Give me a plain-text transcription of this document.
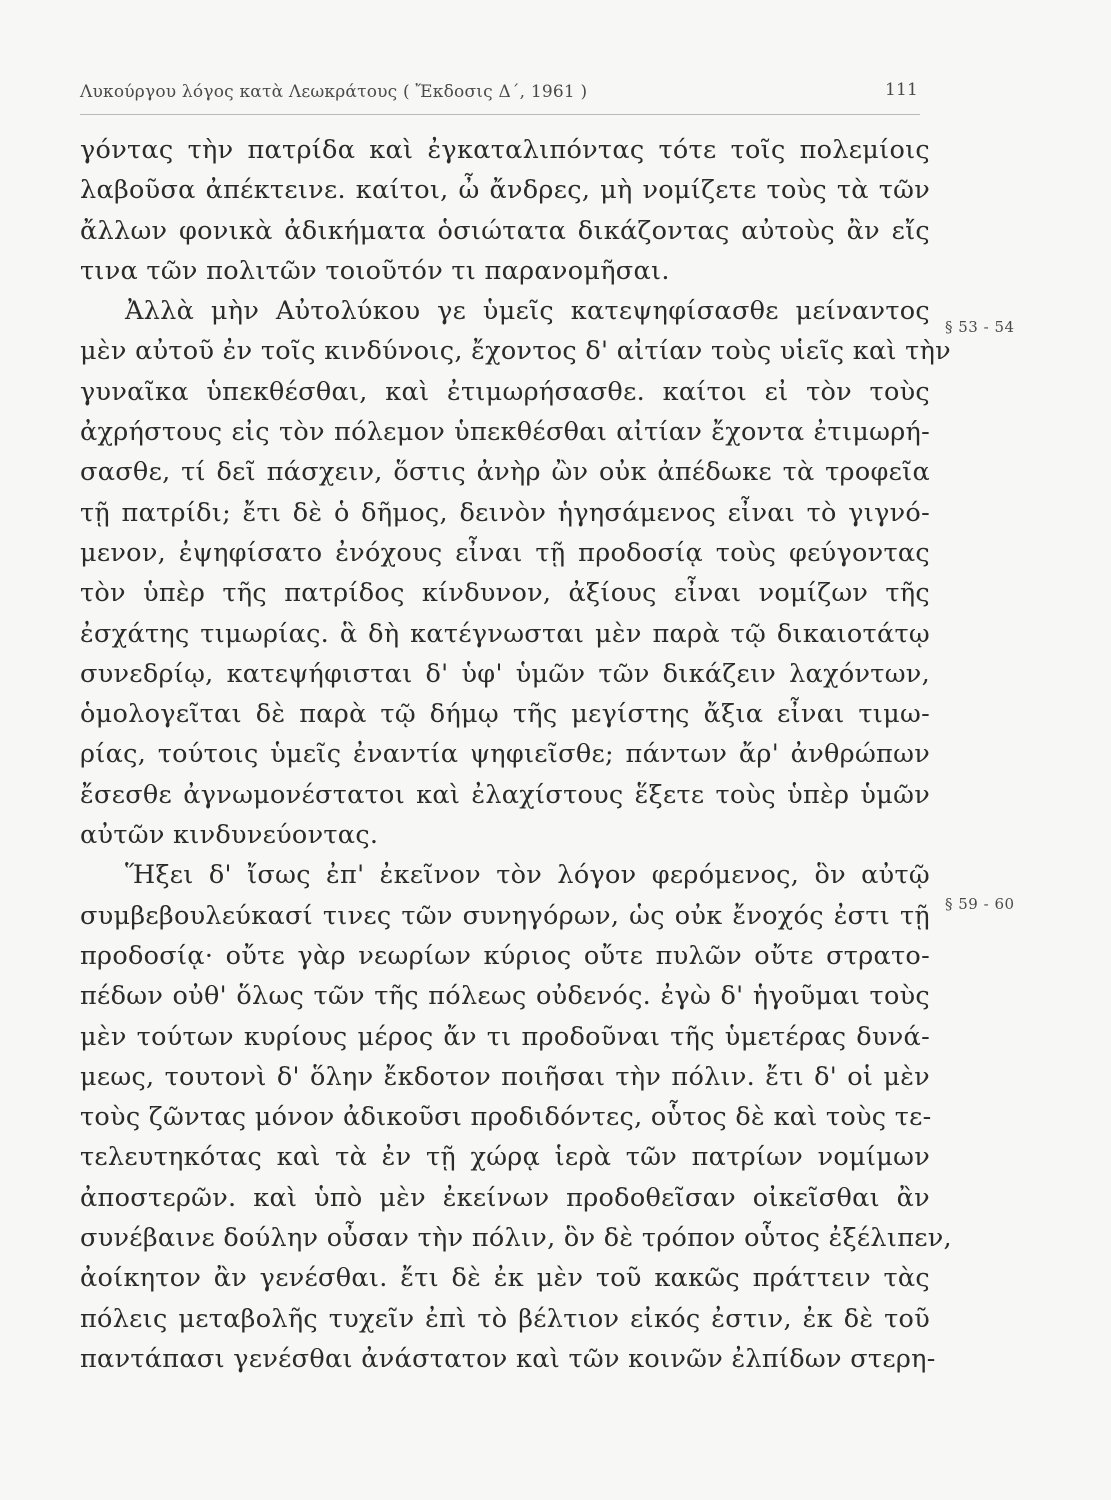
Λυκούργου λόγος κατὰ Λεωκράτους ( Ἔκδοσις Δ΄, 1961 )	111
γόντας τὴν πατρίδα καὶ ἐγκαταλιπόντας τότε τοῖς πολεμίοις
λαβοῦσα ἀπέκτεινε. καίτοι, ὦ ἄνδρες, μὴ νομίζετε τοὺς τὰ τῶν
ἄλλων φονικὰ ἀδικήματα ὁσιώτατα δικάζοντας αὐτοὺς ἂν εἴς
τινα τῶν πολιτῶν τοιοῦτόν τι παρανομῆσαι.
Ἀλλὰ μὴν Αὐτολύκου γε ὑμεῖς κατεψηφίσασθε μείναντος
μὲν αὐτοῦ ἐν τοῖς κινδύνοις, ἔχοντος δ' αἰτίαν τοὺς υἱεῖς καὶ τὴν
γυναῖκα ὑπεκθέσθαι, καὶ ἐτιμωρήσασθε. καίτοι εἰ τὸν τοὺς
ἀχρήστους εἰς τὸν πόλεμον ὑπεκθέσθαι αἰτίαν ἔχοντα ἐτιμωρή-
σασθε, τί δεῖ πάσχειν, ὅστις ἀνὴρ ὢν οὐκ ἀπέδωκε τὰ τροφεῖα
τῇ πατρίδι; ἔτι δὲ ὁ δῆμος, δεινὸν ἡγησάμενος εἶναι τὸ γιγνό-
μενον, ἐψηφίσατο ἐνόχους εἶναι τῇ προδοσίᾳ τοὺς φεύγοντας
τὸν ὑπὲρ τῆς πατρίδος κίνδυνον, ἀξίους εἶναι νομίζων τῆς
ἐσχάτης τιμωρίας. ἃ δὴ κατέγνωσται μὲν παρὰ τῷ δικαιοτάτῳ
συνεδρίῳ, κατεψήφισται δ' ὑφ' ὑμῶν τῶν δικάζειν λαχόντων,
ὁμολογεῖται δὲ παρὰ τῷ δήμῳ τῆς μεγίστης ἄξια εἶναι τιμω-
ρίας, τούτοις ὑμεῖς ἐναντία ψηφιεῖσθε; πάντων ἄρ' ἀνθρώπων
ἔσεσθε ἀγνωμονέστατοι καὶ ἐλαχίστους ἕξετε τοὺς ὑπὲρ ὑμῶν
αὐτῶν κινδυνεύοντας.
Ἥξει δ' ἴσως ἐπ' ἐκεῖνον τὸν λόγον φερόμενος, ὃν αὐτῷ
συμβεβουλεύκασί τινες τῶν συνηγόρων, ὡς οὐκ ἔνοχός ἐστι τῇ
προδοσίᾳ· οὔτε γὰρ νεωρίων κύριος οὔτε πυλῶν οὔτε στρατο-
πέδων οὐθ' ὅλως τῶν τῆς πόλεως οὐδενός. ἐγὼ δ' ἡγοῦμαι τοὺς
μὲν τούτων κυρίους μέρος ἄν τι προδοῦναι τῆς ὑμετέρας δυνά-
μεως, τουτονὶ δ' ὅλην ἔκδοτον ποιῆσαι τὴν πόλιν. ἔτι δ' οἱ μὲν
τοὺς ζῶντας μόνον ἀδικοῦσι προδιδόντες, οὗτος δὲ καὶ τοὺς τε-
τελευτηκότας καὶ τὰ ἐν τῇ χώρᾳ ἱερὰ τῶν πατρίων νομίμων
ἀποστερῶν. καὶ ὑπὸ μὲν ἐκείνων προδοθεῖσαν οἰκεῖσθαι ἂν
συνέβαινε δούλην οὖσαν τὴν πόλιν, ὃν δὲ τρόπον οὗτος ἐξέλιπεν,
ἀοίκητον ἂν γενέσθαι. ἔτι δὲ ἐκ μὲν τοῦ κακῶς πράττειν τὰς
πόλεις μεταβολῆς τυχεῖν ἐπὶ τὸ βέλτιον εἰκός ἐστιν, ἐκ δὲ τοῦ
παντάπασι γενέσθαι ἀνάστατον καὶ τῶν κοινῶν ἐλπίδων στερη-
§ 53 - 54
§ 59 - 60
